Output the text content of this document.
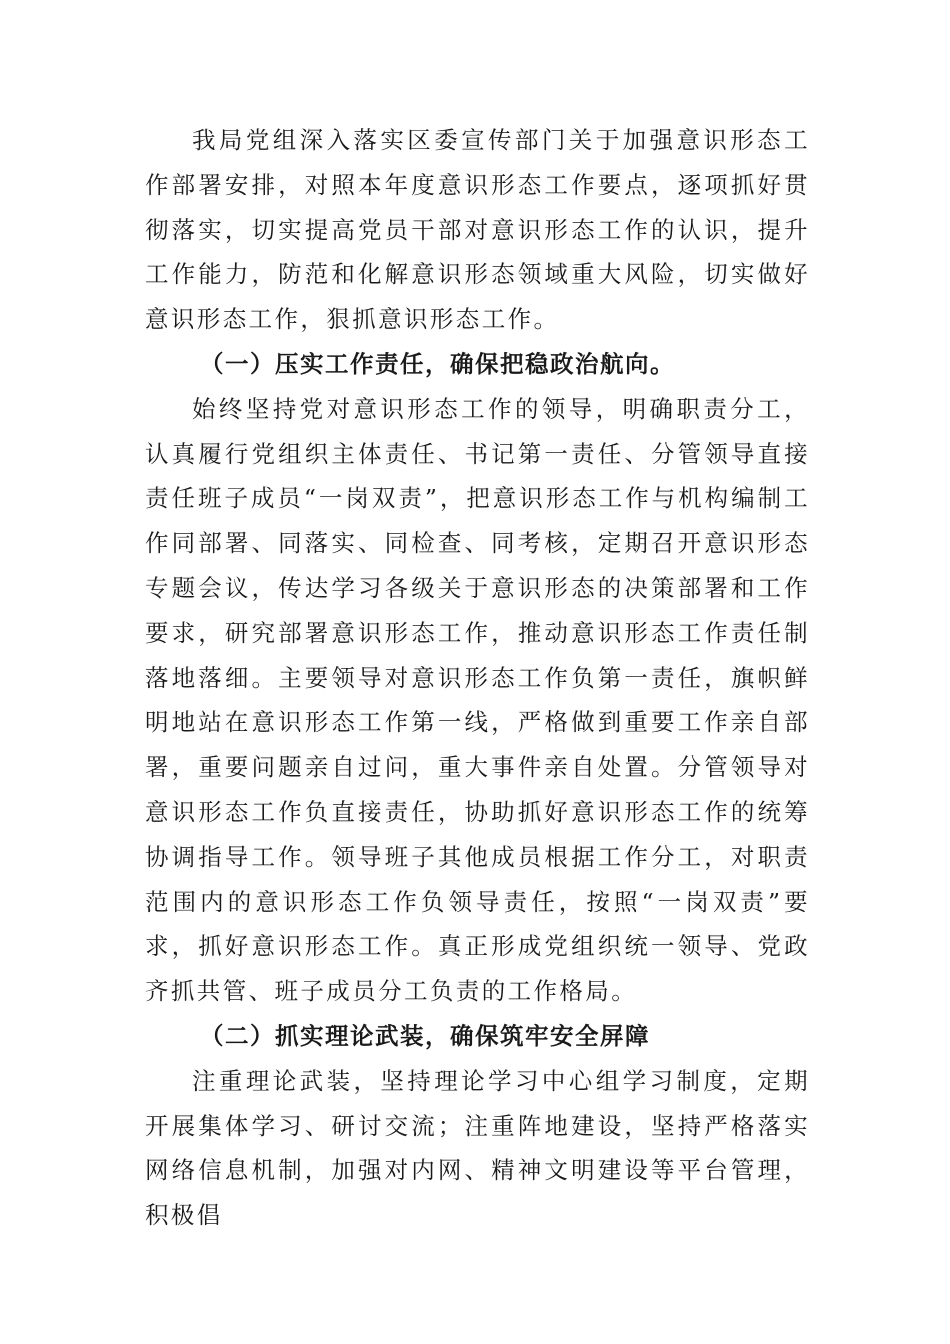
我局党组深入落实区委宣传部门关于加强意识形态工作部署安排，对照本年度意识形态工作要点，逐项抓好贯彻落实，切实提高党员干部对意识形态工作的认识，提升工作能力，防范和化解意识形态领域重大风险，切实做好意识形态工作，狠抓意识形态工作。

（一）压实工作责任，确保把稳政治航向。

始终坚持党对意识形态工作的领导，明确职责分工，认真履行党组织主体责任、书记第一责任、分管领导直接责任班子成员“一岗双责”，把意识形态工作与机构编制工作同部署、同落实、同检查、同考核，定期召开意识形态专题会议，传达学习各级关于意识形态的决策部署和工作要求，研究部署意识形态工作，推动意识形态工作责任制落地落细。主要领导对意识形态工作负第一责任，旗帜鲜明地站在意识形态工作第一线，严格做到重要工作亲自部署，重要问题亲自过问，重大事件亲自处置。分管领导对意识形态工作负直接责任，协助抓好意识形态工作的统筹协调指导工作。领导班子其他成员根据工作分工，对职责范围内的意识形态工作负领导责任，按照“一岗双责”要求，抓好意识形态工作。真正形成党组织统一领导、党政齐抓共管、班子成员分工负责的工作格局。

（二）抓实理论武装，确保筑牢安全屏障

注重理论武装，坚持理论学习中心组学习制度，定期开展集体学习、研讨交流；注重阵地建设，坚持严格落实网络信息机制，加强对内网、精神文明建设等平台管理，积极倡
